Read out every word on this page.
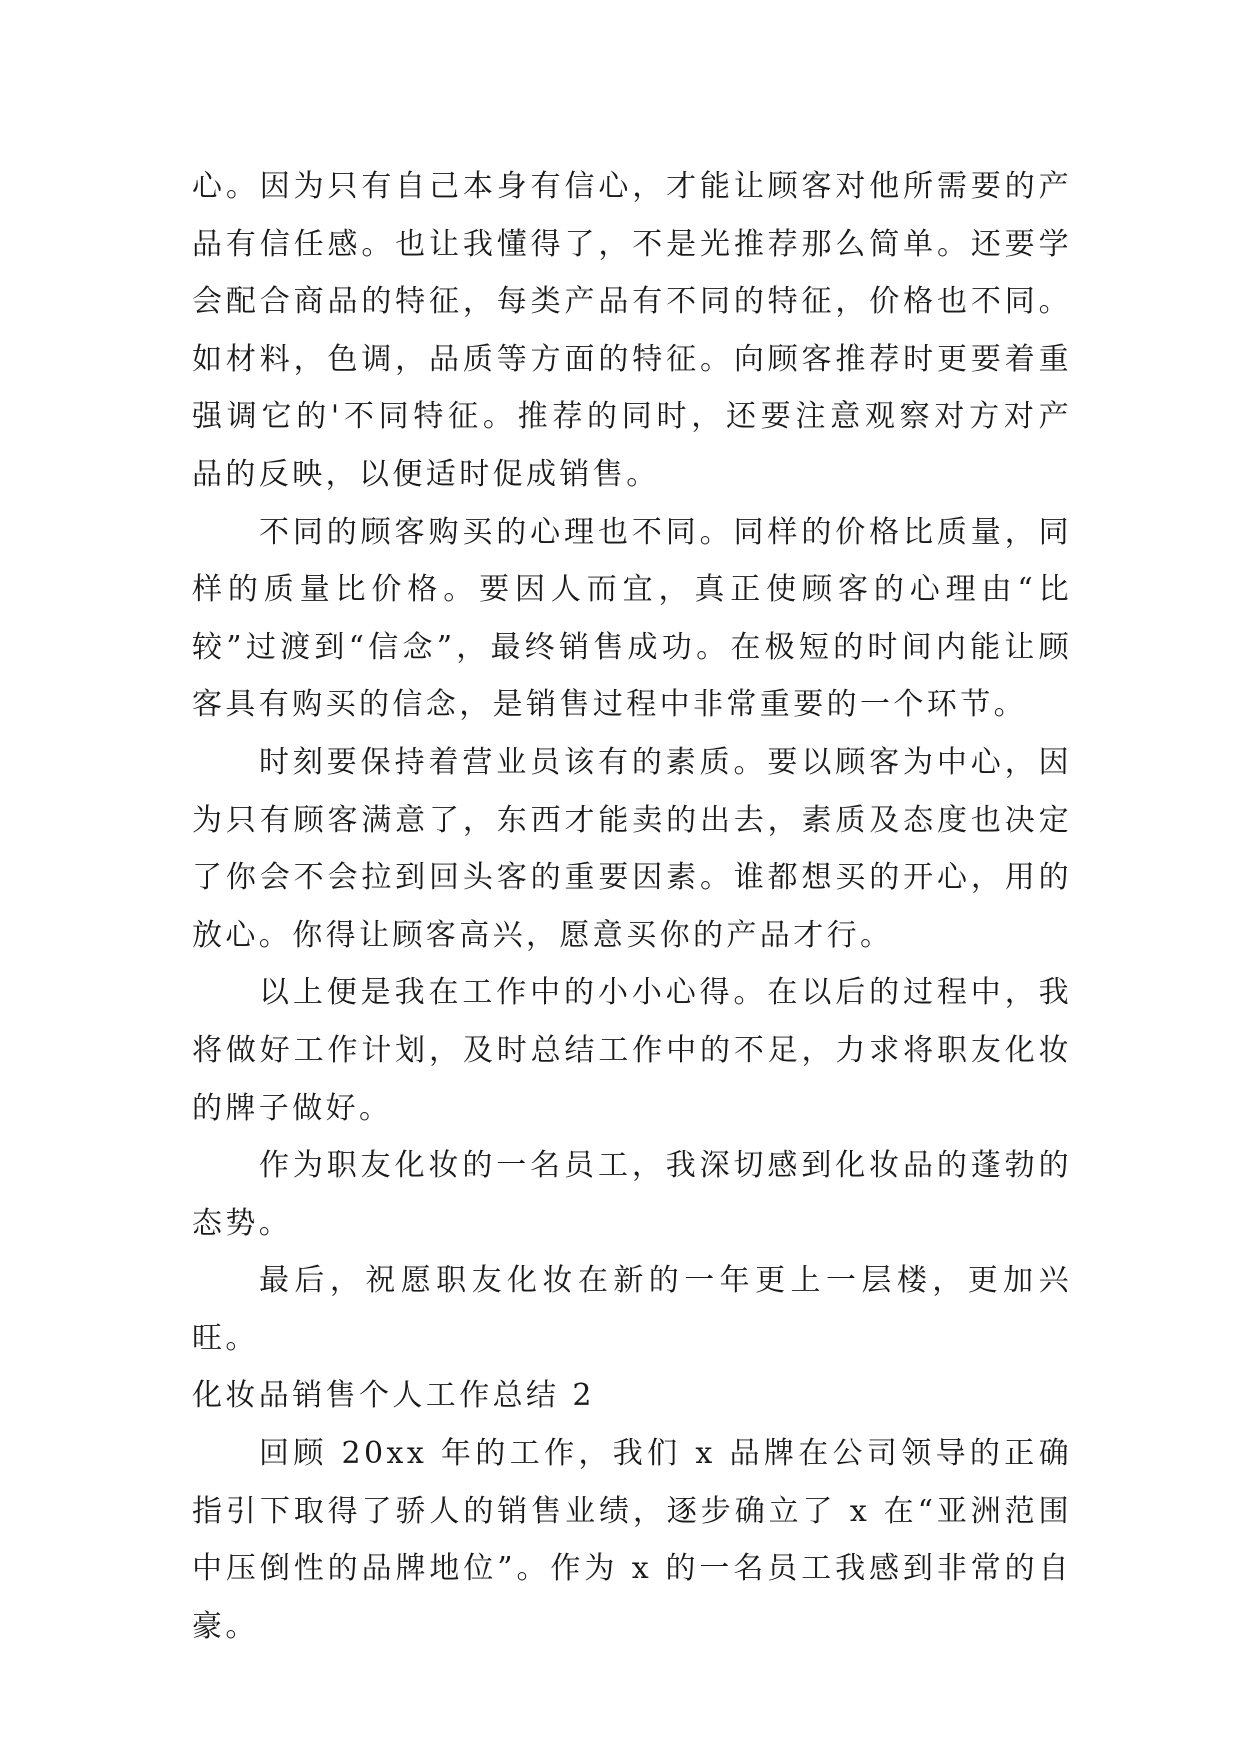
心。因为只有自己本身有信心，才能让顾客对他所需要的产品有信任感。也让我懂得了，不是光推荐那么简单。还要学会配合商品的特征，每类产品有不同的特征，价格也不同。如材料，色调，品质等方面的特征。向顾客推荐时更要着重强调它的'不同特征。推荐的同时，还要注意观察对方对产品的反映，以便适时促成销售。

不同的顾客购买的心理也不同。同样的价格比质量，同样的质量比价格。要因人而宜，真正使顾客的心理由“比较”过渡到“信念”，最终销售成功。在极短的时间内能让顾客具有购买的信念，是销售过程中非常重要的一个环节。

时刻要保持着营业员该有的素质。要以顾客为中心，因为只有顾客满意了，东西才能卖的出去，素质及态度也决定了你会不会拉到回头客的重要因素。谁都想买的开心，用的放心。你得让顾客高兴，愿意买你的产品才行。

以上便是我在工作中的小小心得。在以后的过程中，我将做好工作计划，及时总结工作中的不足，力求将职友化妆的牌子做好。

作为职友化妆的一名员工，我深切感到化妆品的蓬勃的态势。

最后，祝愿职友化妆在新的一年更上一层楼，更加兴旺。

化妆品销售个人工作总结 2

回顾 20xx 年的工作，我们 x 品牌在公司领导的正确指引下取得了骄人的销售业绩，逐步确立了 x 在“亚洲范围中压倒性的品牌地位”。作为 x 的一名员工我感到非常的自豪。
